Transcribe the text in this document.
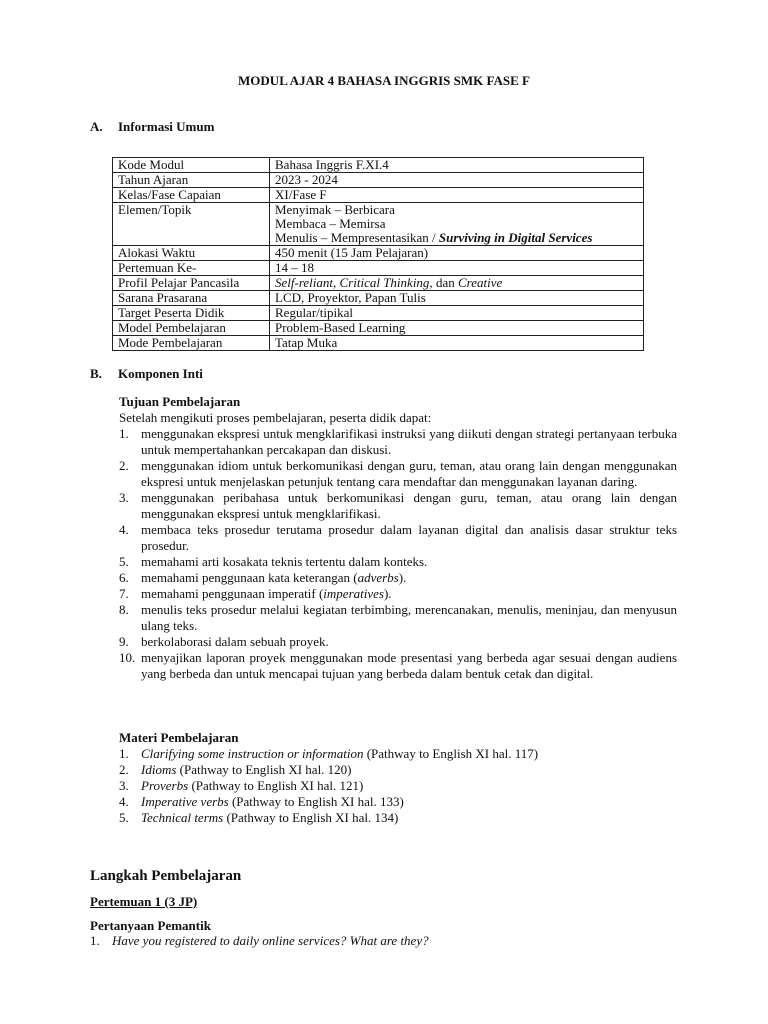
MODUL AJAR 4 BAHASA INGGRIS SMK FASE F
A. Informasi Umum
Kode Modul	Bahasa Inggris F.XI.4
Tahun Ajaran	2023 - 2024
Kelas/Fase Capaian	XI/Fase F
Elemen/Topik	Menyimak – Berbicara
Membaca – Memirsa
Menulis – Mempresentasikan / Surviving in Digital Services

Alokasi Waktu	450 menit (15 Jam Pelajaran)
Pertemuan Ke-	14 – 18
Profil Pelajar Pancasila	Self-reliant, Critical Thinking, dan Creative
Sarana Prasarana	LCD, Proyektor, Papan Tulis
Target Peserta Didik	Regular/tipikal
Model Pembelajaran	Problem-Based Learning
Mode Pembelajaran	Tatap Muka
B. Komponen Inti
Tujuan Pembelajaran
Setelah mengikuti proses pembelajaran, peserta didik dapat:
1. menggunakan ekspresi untuk mengklarifikasi instruksi yang diikuti dengan strategi pertanyaan terbuka untuk mempertahankan percakapan dan diskusi.
2. menggunakan idiom untuk berkomunikasi dengan guru, teman, atau orang lain dengan menggunakan ekspresi untuk menjelaskan petunjuk tentang cara mendaftar dan menggunakan layanan daring.
3. menggunakan peribahasa untuk berkomunikasi dengan guru, teman, atau orang lain dengan menggunakan ekspresi untuk mengklarifikasi.
4. membaca teks prosedur terutama prosedur dalam layanan digital dan analisis dasar struktur teks prosedur.
5. memahami arti kosakata teknis tertentu dalam konteks.
6. memahami penggunaan kata keterangan (adverbs).
7. memahami penggunaan imperatif (imperatives).
8. menulis teks prosedur melalui kegiatan terbimbing, merencanakan, menulis, meninjau, dan menyusun ulang teks.
9. berkolaborasi dalam sebuah proyek.
10. menyajikan laporan proyek menggunakan mode presentasi yang berbeda agar sesuai dengan audiens yang berbeda dan untuk mencapai tujuan yang berbeda dalam bentuk cetak dan digital.
Materi Pembelajaran
1. Clarifying some instruction or information (Pathway to English XI hal. 117)
2. Idioms (Pathway to English XI hal. 120)
3. Proverbs (Pathway to English XI hal. 121)
4. Imperative verbs (Pathway to English XI hal. 133)
5. Technical terms (Pathway to English XI hal. 134)
Langkah Pembelajaran
Pertemuan 1 (3 JP)
Pertanyaan Pemantik
1. Have you registered to daily online services? What are they?
